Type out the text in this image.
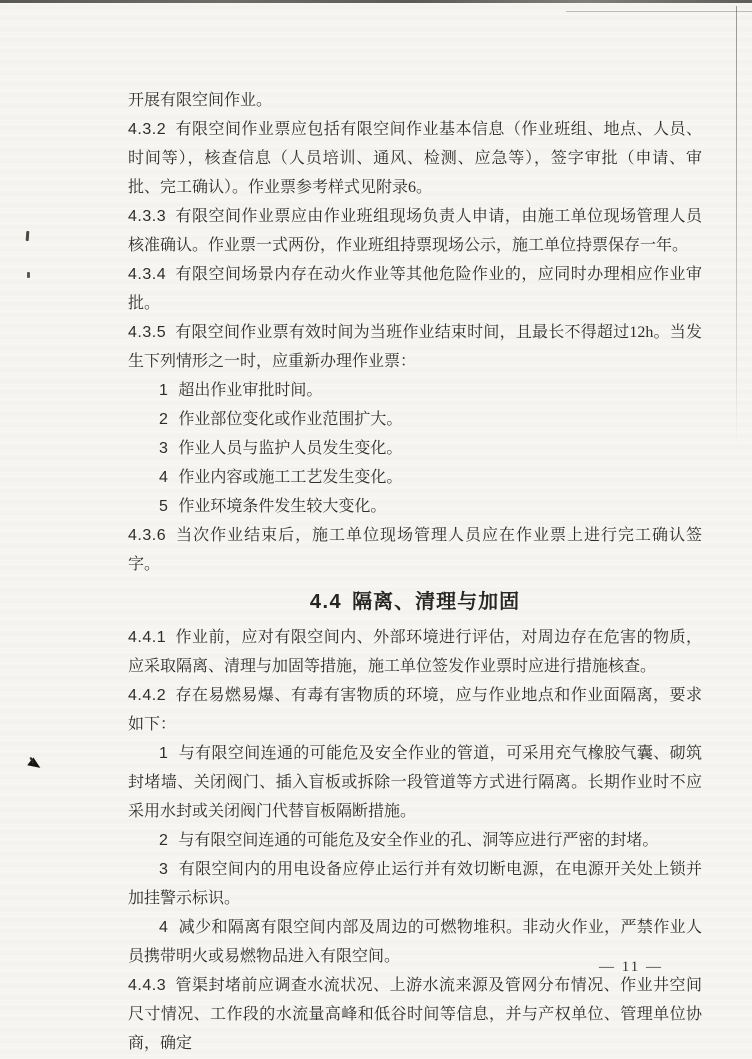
开展有限空间作业。

4.3.2 有限空间作业票应包括有限空间作业基本信息（作业班组、地点、人员、时间等），核查信息（人员培训、通风、检测、应急等），签字审批（申请、审批、完工确认）。作业票参考样式见附录6。

4.3.3 有限空间作业票应由作业班组现场负责人申请，由施工单位现场管理人员核准确认。作业票一式两份，作业班组持票现场公示，施工单位持票保存一年。

4.3.4 有限空间场景内存在动火作业等其他危险作业的，应同时办理相应作业审批。

4.3.5 有限空间作业票有效时间为当班作业结束时间，且最长不得超过12h。当发生下列情形之一时，应重新办理作业票：

1 超出作业审批时间。

2 作业部位变化或作业范围扩大。

3 作业人员与监护人员发生变化。

4 作业内容或施工工艺发生变化。

5 作业环境条件发生较大变化。

4.3.6 当次作业结束后，施工单位现场管理人员应在作业票上进行完工确认签字。

4.4 隔离、清理与加固

4.4.1 作业前，应对有限空间内、外部环境进行评估，对周边存在危害的物质，应采取隔离、清理与加固等措施，施工单位签发作业票时应进行措施核查。

4.4.2 存在易燃易爆、有毒有害物质的环境，应与作业地点和作业面隔离，要求如下：

1 与有限空间连通的可能危及安全作业的管道，可采用充气橡胶气囊、砌筑封堵墙、关闭阀门、插入盲板或拆除一段管道等方式进行隔离。长期作业时不应采用水封或关闭阀门代替盲板隔断措施。

2 与有限空间连通的可能危及安全作业的孔、洞等应进行严密的封堵。

3 有限空间内的用电设备应停止运行并有效切断电源，在电源开关处上锁并加挂警示标识。

4 减少和隔离有限空间内部及周边的可燃物堆积。非动火作业，严禁作业人员携带明火或易燃物品进入有限空间。

4.4.3 管渠封堵前应调查水流状况、上游水流来源及管网分布情况、作业井空间尺寸情况、工作段的水流量高峰和低谷时间等信息，并与产权单位、管理单位协商，确定

— 11 —
